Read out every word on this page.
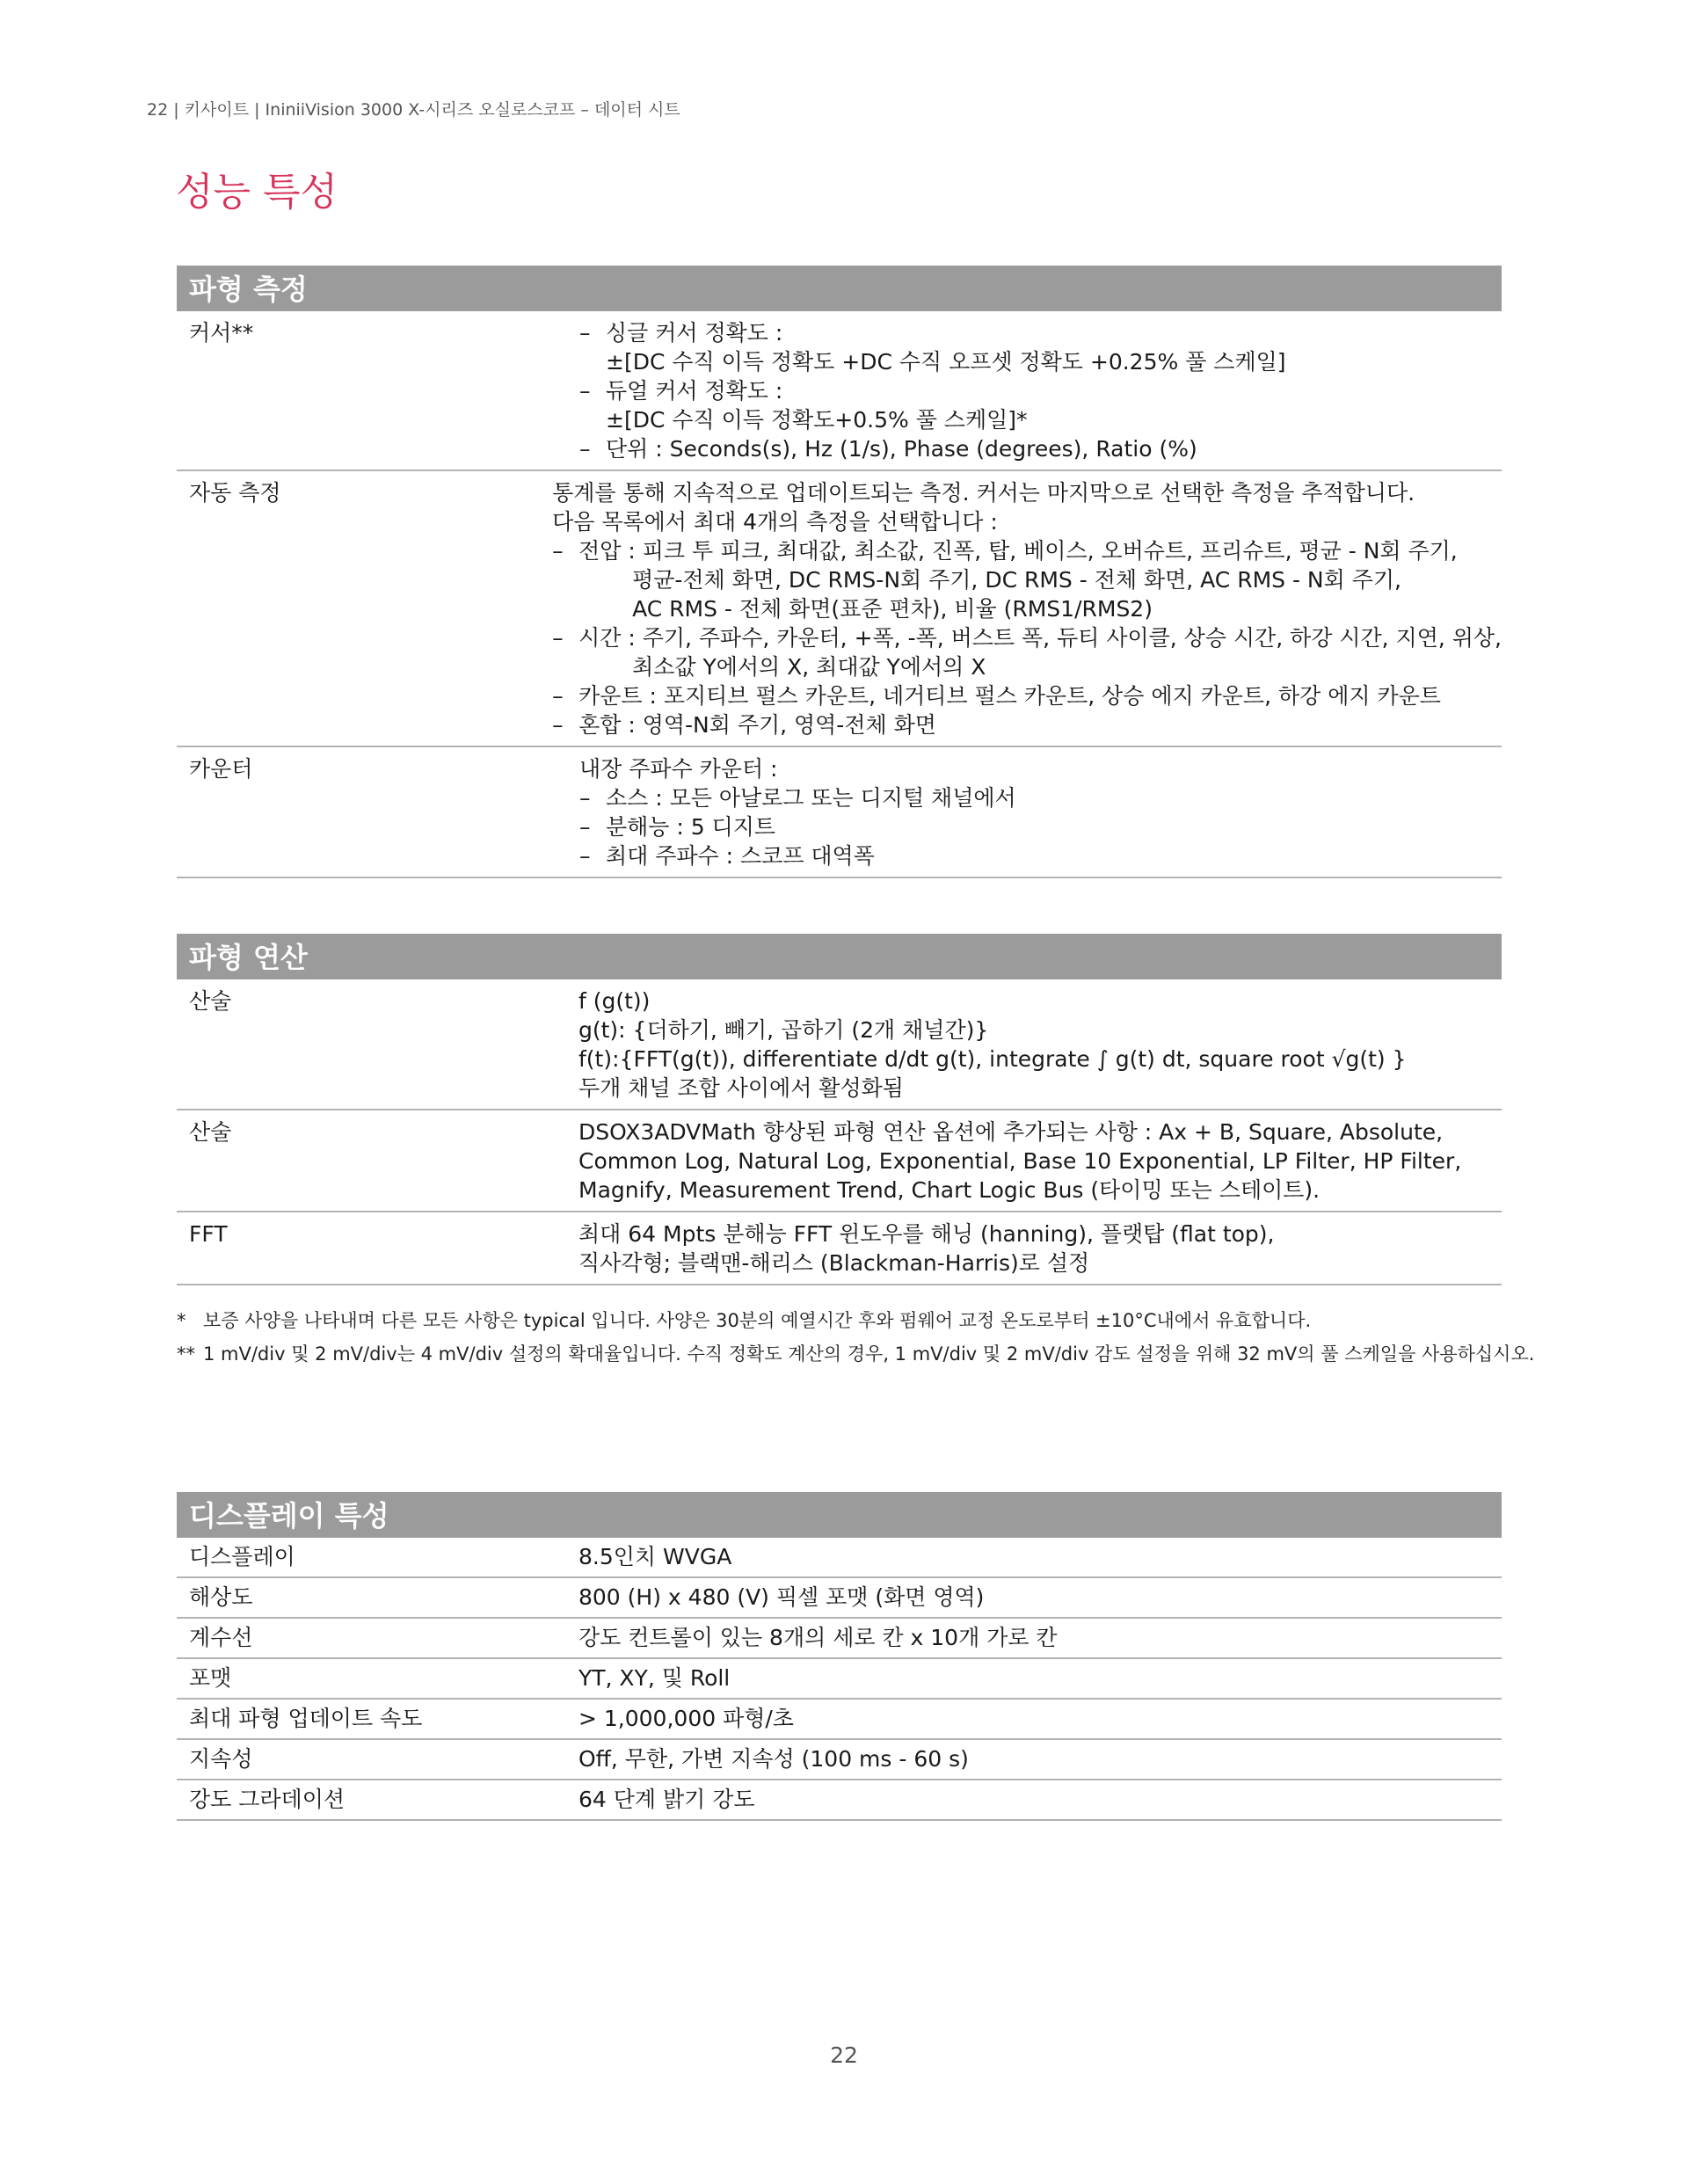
22 | 키사이트 | IniniiVision 3000 X-시리즈 오실로스코프 – 데이터 시트
성능 특성
파형 측정
커서**	– 싱글 커서 정확도 :
±[DC 수직 이득 정확도 +DC 수직 오프셋 정확도 +0.25% 풀 스케일]
– 듀얼 커서 정확도 :
±[DC 수직 이득 정확도+0.5% 풀 스케일]*
– 단위 : Seconds(s), Hz (1/s), Phase (degrees), Ratio (%)
자동 측정	통계를 통해 지속적으로 업데이트되는 측정. 커서는 마지막으로 선택한 측정을 추적합니다.
다음 목록에서 최대 4개의 측정을 선택합니다 :
– 전압 : 피크 투 피크, 최대값, 최소값, 진폭, 탑, 베이스, 오버슈트, 프리슈트, 평균 - N회 주기,
평균-전체 화면, DC RMS-N회 주기, DC RMS - 전체 화면, AC RMS - N회 주기,
AC RMS - 전체 화면(표준 편차), 비율 (RMS1/RMS2)
– 시간 : 주기, 주파수, 카운터, +폭, -폭, 버스트 폭, 듀티 사이클, 상승 시간, 하강 시간, 지연, 위상,
최소값 Y에서의 X, 최대값 Y에서의 X
– 카운트 : 포지티브 펄스 카운트, 네거티브 펄스 카운트, 상승 에지 카운트, 하강 에지 카운트
– 혼합 : 영역-N회 주기, 영역-전체 화면
카운터	내장 주파수 카운터 :
– 소스 : 모든 아날로그 또는 디지털 채널에서
– 분해능 : 5 디지트
– 최대 주파수 : 스코프 대역폭
파형 연산
산술	f (g(t))
g(t): {더하기, 빼기, 곱하기 (2개 채널간)}
f(t):{FFT(g(t)), differentiate d/dt g(t), integrate ∫ g(t) dt, square root √g(t) }
두개 채널 조합 사이에서 활성화됨
산술	DSOX3ADVMath 향상된 파형 연산 옵션에 추가되는 사항 : Ax + B, Square, Absolute,
Common Log, Natural Log, Exponential, Base 10 Exponential, LP Filter, HP Filter,
Magnify, Measurement Trend, Chart Logic Bus (타이밍 또는 스테이트).
FFT	최대 64 Mpts 분해능 FFT 윈도우를 해닝 (hanning), 플랫탑 (flat top),
직사각형; 블랙맨-해리스 (Blackman-Harris)로 설정
* 보증 사양을 나타내며 다른 모든 사항은 typical 입니다. 사양은 30분의 예열시간 후와 펌웨어 교정 온도로부터 ±10°C내에서 유효합니다.
** 1 mV/div 및 2 mV/div는 4 mV/div 설정의 확대율입니다. 수직 정확도 계산의 경우, 1 mV/div 및 2 mV/div 감도 설정을 위해 32 mV의 풀 스케일을 사용하십시오.
디스플레이 특성
디스플레이	8.5인치 WVGA
해상도	800 (H) x 480 (V) 픽셀 포맷 (화면 영역)
계수선	강도 컨트롤이 있는 8개의 세로 칸 x 10개 가로 칸
포맷	YT, XY, 및 Roll
최대 파형 업데이트 속도	> 1,000,000 파형/초
지속성	Off, 무한, 가변 지속성 (100 ms - 60 s)
강도 그라데이션	64 단계 밝기 강도
22
